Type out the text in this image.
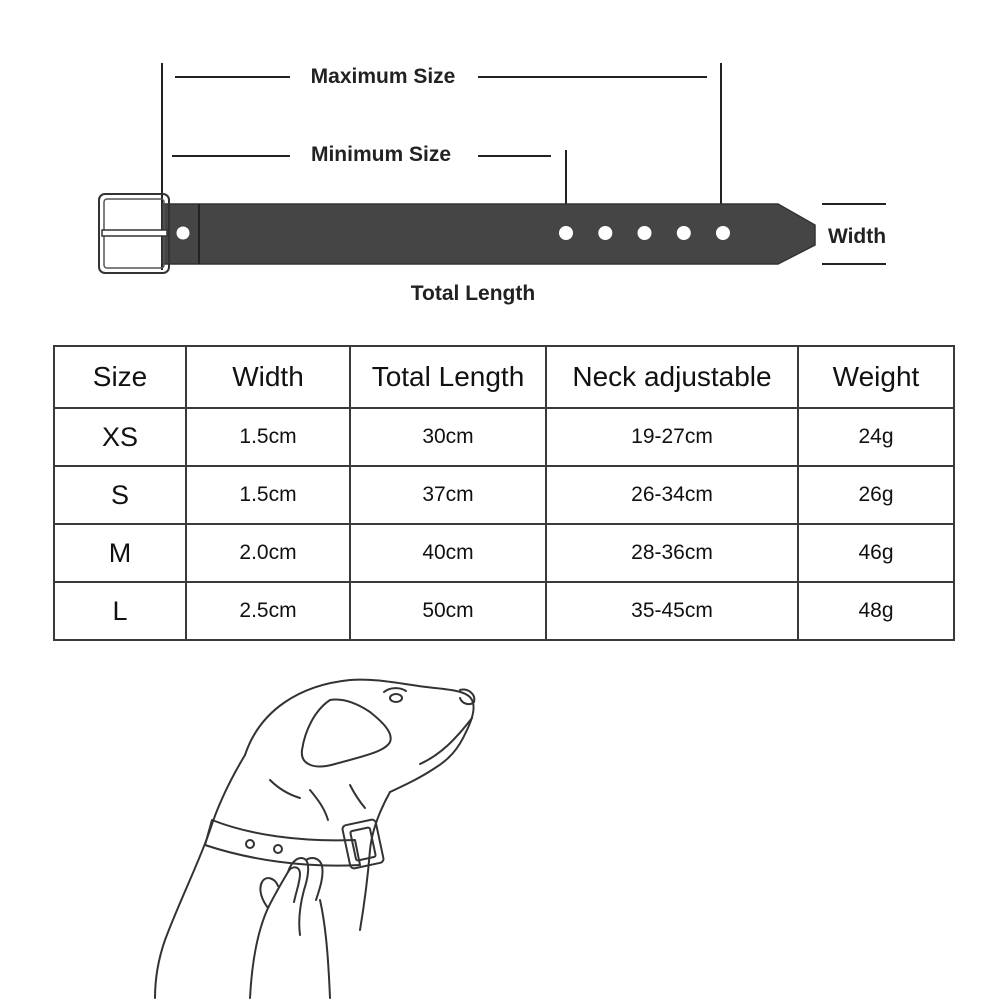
Maximum Size
Minimum Size
Width
Total Length
Size	Width	Total Length	Neck adjustable	Weight
XS	1.5cm	30cm	19-27cm	24g
S	1.5cm	37cm	26-34cm	26g
M	2.0cm	40cm	28-36cm	46g
L	2.5cm	50cm	35-45cm	48g
